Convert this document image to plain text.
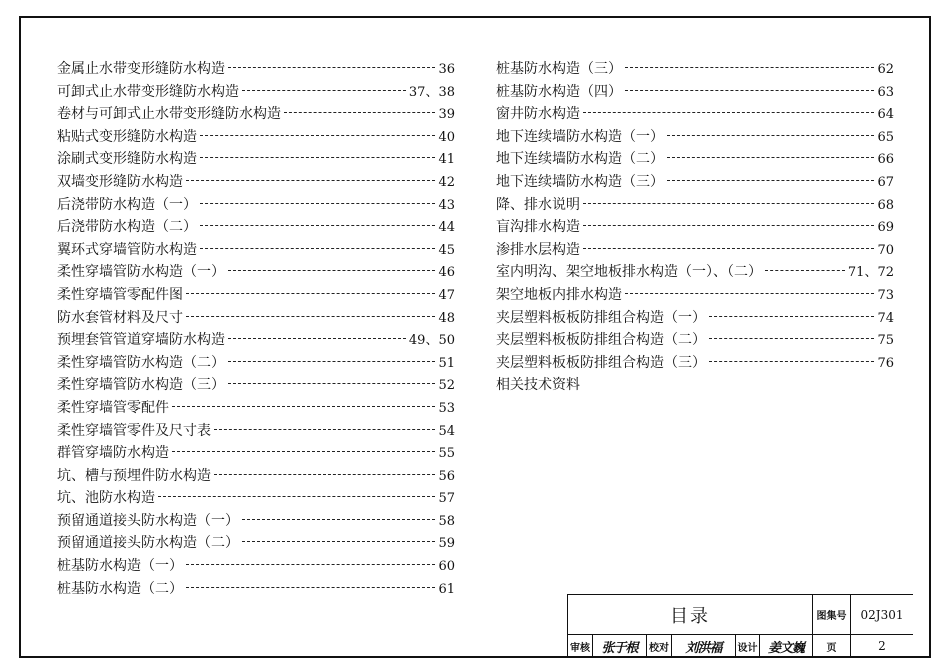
金属止水带变形缝防水构造	36
可卸式止水带变形缝防水构造	37、38
卷材与可卸式止水带变形缝防水构造	39
粘贴式变形缝防水构造	40
涂刷式变形缝防水构造	41
双墙变形缝防水构造	42
后浇带防水构造（一）	43
后浇带防水构造（二）	44
翼环式穿墙管防水构造	45
柔性穿墙管防水构造（一）	46
柔性穿墙管零配件图	47
防水套管材料及尺寸	48
预埋套管管道穿墙防水构造	49、50
柔性穿墙管防水构造（二）	51
柔性穿墙管防水构造（三）	52
柔性穿墙管零配件	53
柔性穿墙管零件及尺寸表	54
群管穿墙防水构造	55
坑、槽与预埋件防水构造	56
坑、池防水构造	57
预留通道接头防水构造（一）	58
预留通道接头防水构造（二）	59
桩基防水构造（一）	60
桩基防水构造（二）	61
桩基防水构造（三）	62
桩基防水构造（四）	63
窗井防水构造	64
地下连续墙防水构造（一）	65
地下连续墙防水构造（二）	66
地下连续墙防水构造（三）	67
降、排水说明	68
盲沟排水构造	69
渗排水层构造	70
室内明沟、架空地板排水构造（一）、（二）	71、72
架空地板内排水构造	73
夹层塑料板板防排组合构造（一）	74
夹层塑料板板防排组合构造（二）	75
夹层塑料板板防排组合构造（三）	76
相关技术资料
目录	图集号	02J301
审核 张于根	校对	刘洪福	设计 姜文巍	页	2
